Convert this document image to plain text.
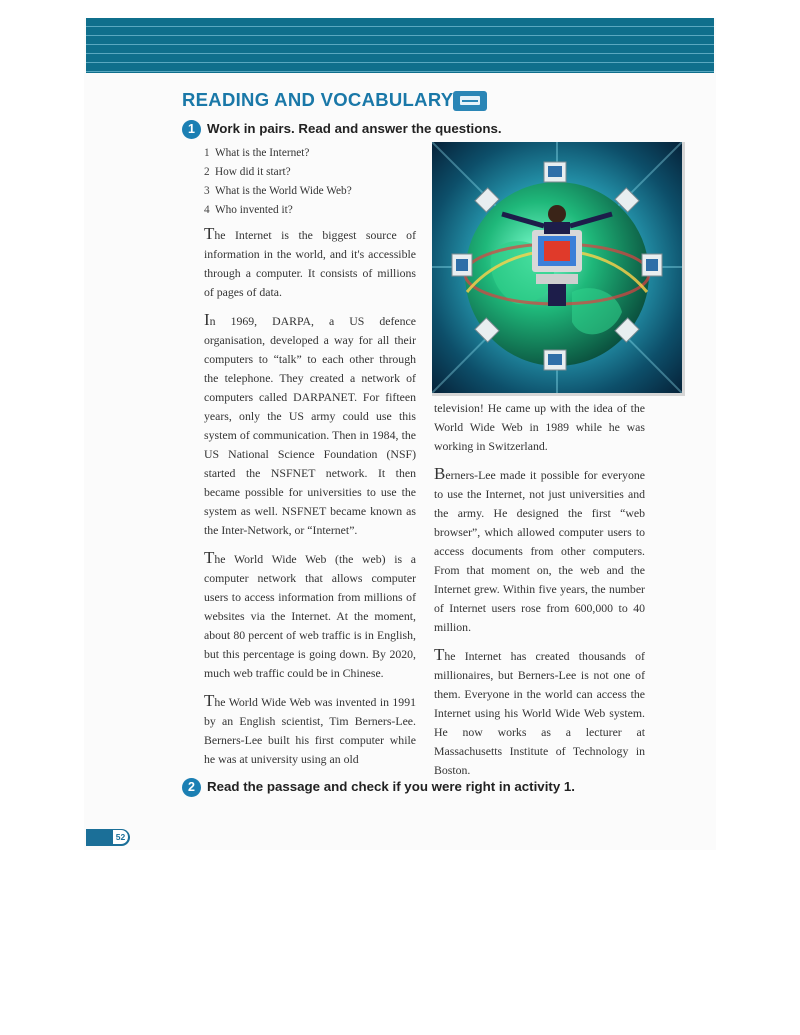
READING AND VOCABULARY
1 Work in pairs. Read and answer the questions.
1 What is the Internet?
2 How did it start?
3 What is the World Wide Web?
4 Who invented it?

The Internet is the biggest source of information in the world, and it's accessible through a computer. It consists of millions of pages of data.

In 1969, DARPA, a US defence organisation, developed a way for all their computers to “talk” to each other through the telephone. They created a network of computers called DARPANET. For fifteen years, only the US army could use this system of communication. Then in 1984, the US National Science Foundation (NSF) started the NSFNET network. It then became possible for universities to use the system as well. NSFNET became known as the Inter-Network, or “Internet”.

The World Wide Web (the web) is a computer network that allows computer users to access information from millions of websites via the Internet. At the moment, about 80 percent of web traffic is in English, but this percentage is going down. By 2020, much web traffic could be in Chinese.

The World Wide Web was invented in 1991 by an English scientist, Tim Berners-Lee. Berners-Lee built his first computer while he was at university using an old

television! He came up with the idea of the World Wide Web in 1989 while he was working in Switzerland.

Berners-Lee made it possible for everyone to use the Internet, not just universities and the army. He designed the first “web browser”, which allowed computer users to access documents from other computers. From that moment on, the web and the Internet grew. Within five years, the number of Internet users rose from 600,000 to 40 million.

The Internet has created thousands of millionaires, but Berners-Lee is not one of them. Everyone in the world can access the Internet using his World Wide Web system. He now works as a lecturer at Massachusetts Institute of Technology in Boston.

2 Read the passage and check if you were right in activity 1.
52
